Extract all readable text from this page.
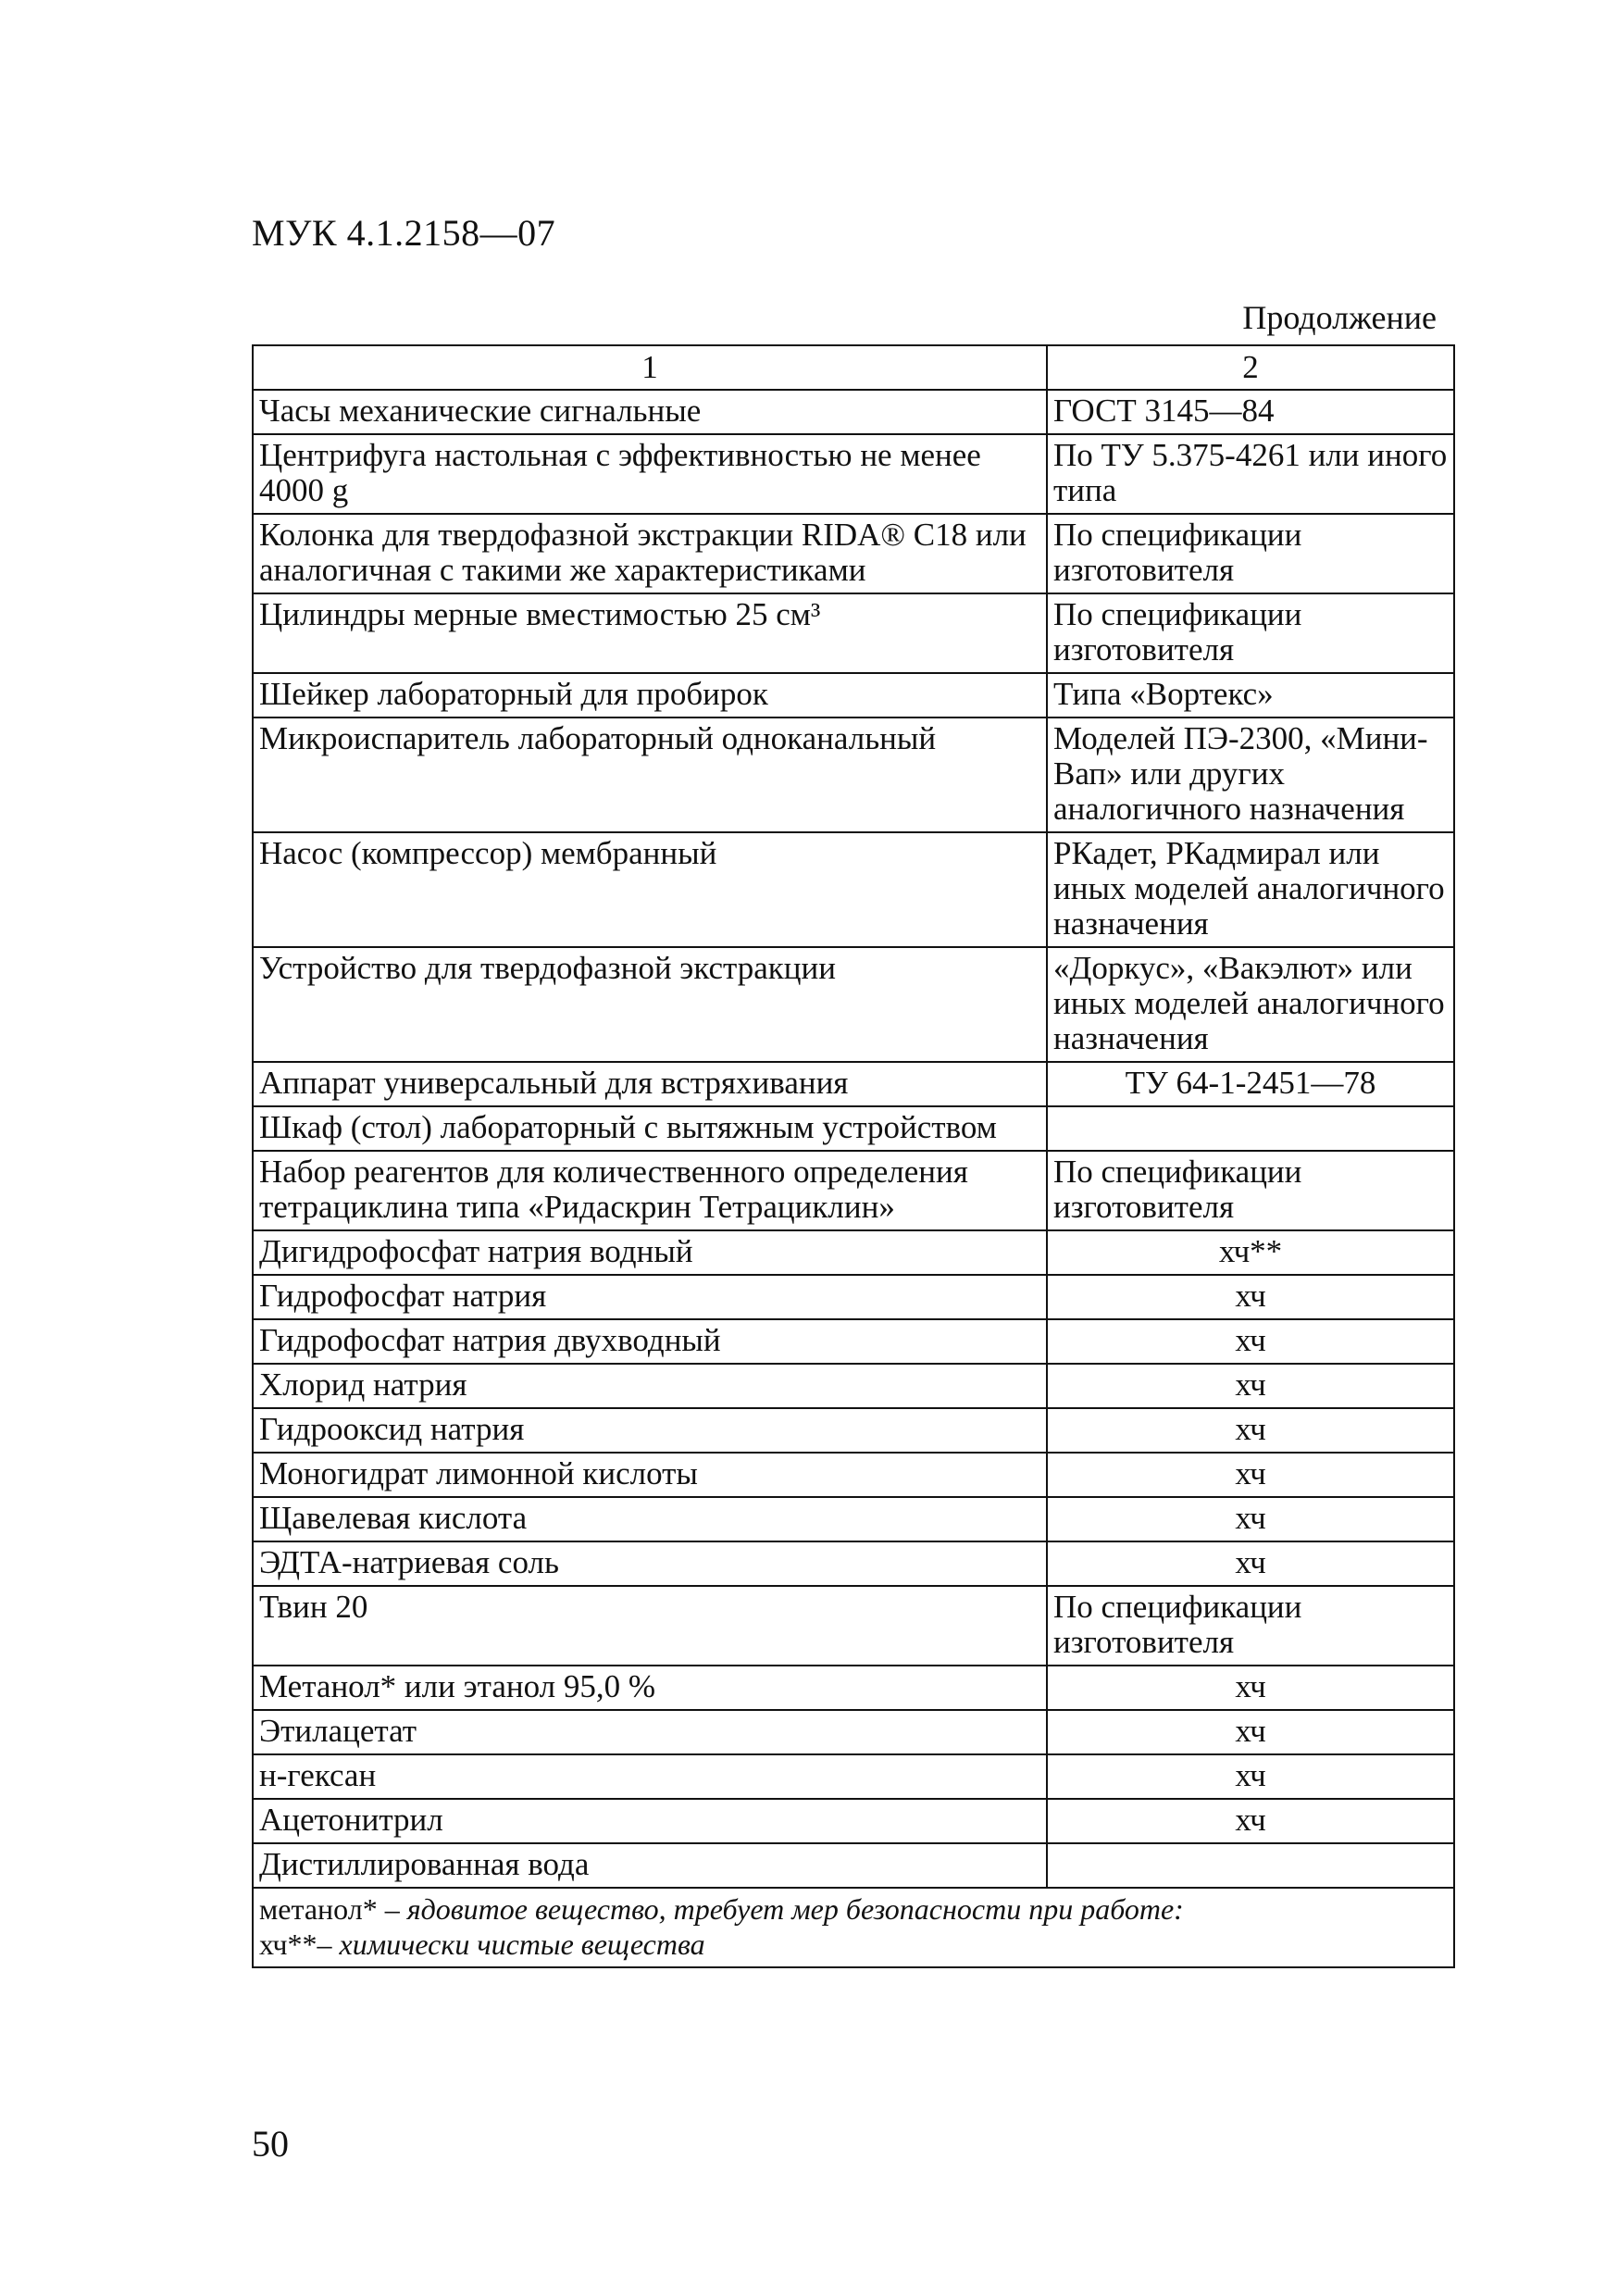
МУК 4.1.2158—07
Продолжение
1	2
Часы механические сигнальные	ГОСТ 3145—84
Центрифуга настольная с эффективностью не менее 4000 g	По ТУ 5.375-4261 или иного типа
Колонка для твердофазной экстракции RIDA® C18 или аналогичная с такими же характеристиками	По спецификации изготовителя
Цилиндры мерные вместимостью 25 см³	По спецификации изготовителя
Шейкер лабораторный для пробирок	Типа «Вортекс»
Микроиспаритель лабораторный одноканальный	Моделей ПЭ-2300, «Мини-Вап» или других аналогичного назначения
Насос (компрессор) мембранный	РКадет, РКадмирал или иных моделей аналогичного назначения
Устройство для твердофазной экстракции	«Доркус», «Вакэлют» или иных моделей аналогичного назначения
Аппарат универсальный для встряхивания	ТУ 64-1-2451—78
Шкаф (стол) лабораторный с вытяжным устройством	
Набор реагентов для количественного определения тетрациклина типа «Ридаскрин Тетрациклин»	По спецификации изготовителя
Дигидрофосфат натрия водный	хч**
Гидрофосфат натрия	хч
Гидрофосфат натрия двухводный	хч
Хлорид натрия	хч
Гидрооксид натрия	хч
Моногидрат лимонной кислоты	хч
Щавелевая кислота	хч
ЭДТА-натриевая соль	хч
Твин 20	По спецификации изготовителя
Метанол* или этанол 95,0 %	хч
Этилацетат	хч
н-гексан	хч
Ацетонитрил	хч
Дистиллированная вода	

метанол* – ядовитое вещество, требует мер безопасности при работе:
хч**– химически чистые вещества	
50
